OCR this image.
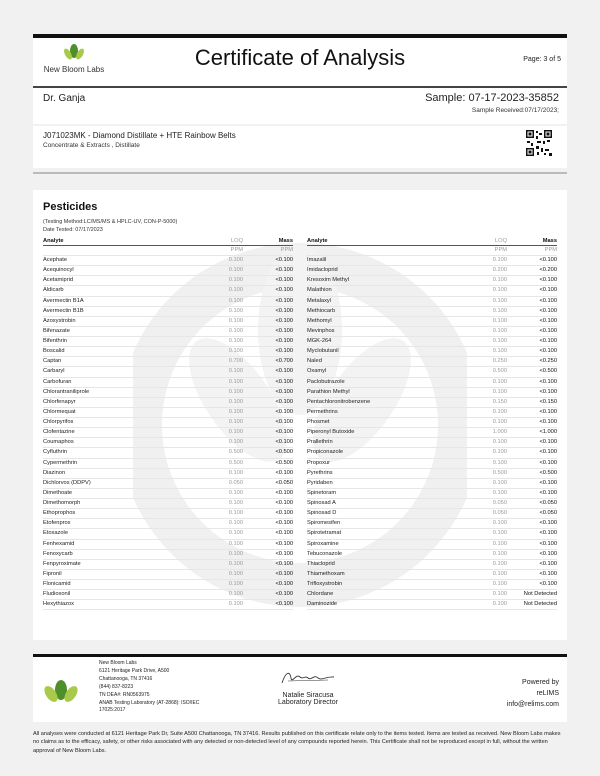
New Bloom Labs	Certificate of Analysis	Page: 3 of 5
Dr. Ganja	Sample: 07-17-2023-35852
Sample Received:07/17/2023;
J071023MK - Diamond Distillate + HTE Rainbow Belts
Concentrate & Extracts , Distillate
Pesticides
(Testing Method:LC/MS/MS & HPLC-UV, CON-P-5000)
Date Tested: 07/17/2023
Analyte	LOQ	Mass
	PPM	PPM
Acephate	0.100	<0.100
Acequinocyl	0.100	<0.100
Acetamiprid	0.100	<0.100
Aldicarb	0.100	<0.100
Avermectin B1A	0.100	<0.100
Avermectin B1B	0.100	<0.100
Azoxystrobin	0.100	<0.100
Bifenazate	0.100	<0.100
Bifenthrin	0.100	<0.100
Boscalid	0.100	<0.100
Captan	0.700	<0.700
Carbaryl	0.100	<0.100
Carbofuran	0.100	<0.100
Chlorantraniliprole	0.100	<0.100
Chlorfenapyr	0.100	<0.100
Chlormequat	0.100	<0.100
Chlorpyrifos	0.100	<0.100
Clofentazine	0.100	<0.100
Coumaphos	0.100	<0.100
Cyfluthrin	0.500	<0.500
Cypermethrin	0.500	<0.500
Diazinon	0.100	<0.100
Dichlorvos (DDPV)	0.050	<0.050
Dimethoate	0.100	<0.100
Dimethomorph	0.100	<0.100
Ethoprophos	0.100	<0.100
Etofenprox	0.100	<0.100
Etoxazole	0.100	<0.100
Fenhexamid	0.100	<0.100
Fenoxycarb	0.100	<0.100
Fenpyroximate	0.100	<0.100
Fipronil	0.100	<0.100
Flonicamid	0.100	<0.100
Fludioxonil	0.100	<0.100
Hexythiazox	0.100	<0.100
Analyte	LOQ	Mass
	PPM	PPM
Imazalil	0.100	<0.100
Imidacloprid	0.200	<0.200
Kresoxim Methyl	0.100	<0.100
Malathion	0.100	<0.100
Metalaxyl	0.100	<0.100
Methiocarb	0.100	<0.100
Methomyl	0.100	<0.100
Mevinphos	0.100	<0.100
MGK-264	0.100	<0.100
Myclobutanil	0.100	<0.100
Naled	0.250	<0.250
Oxamyl	0.500	<0.500
Paclobutrazole	0.100	<0.100
Parathion Methyl	0.100	<0.100
Pentachloronitrobenzene	0.150	<0.150
Permethrins	0.100	<0.100
Phosmet	0.100	<0.100
Piperonyl Butoxide	1.000	<1.000
Prallethrin	0.100	<0.100
Propiconazole	0.100	<0.100
Propoxur	0.100	<0.100
Pyrethrins	0.500	<0.500
Pyridaben	0.100	<0.100
Spinetoram	0.100	<0.100
Spinosad A	0.050	<0.050
Spinosad D	0.050	<0.050
Spiromesifen	0.100	<0.100
Spirotetramat	0.100	<0.100
Spiroxamine	0.100	<0.100
Tebuconazole	0.100	<0.100
Thiacloprid	0.100	<0.100
Thiamethoxam	0.100	<0.100
Trifloxystrobin	0.100	<0.100
Chlordane	0.100	Not Detected
Daminozide	0.100	Not Detected
New Bloom Labs
6121 Heritage Park Drive, A500
Chattanooga, TN 37416
(844) 837-8223
TN DEA#: RN0563975
ANAB Testing Laboratory (AT-2868): ISO/IEC
17025:2017
Natalie Siracusa
Laboratory Director
Powered by
reLIMS
info@relims.com
All analyses were conducted at 6121 Heritage Park Dr, Suite A500 Chattanooga, TN 37416. Results published on this certificate relate only to the items tested. Items are tested as received. New Bloom Labs makes no claims as to the efficacy, safety, or other risks associated with any detected or non-detected level of any compounds reported herein. This Certificate shall not be reproduced except in full, without the written approval of New Bloom Labs.
